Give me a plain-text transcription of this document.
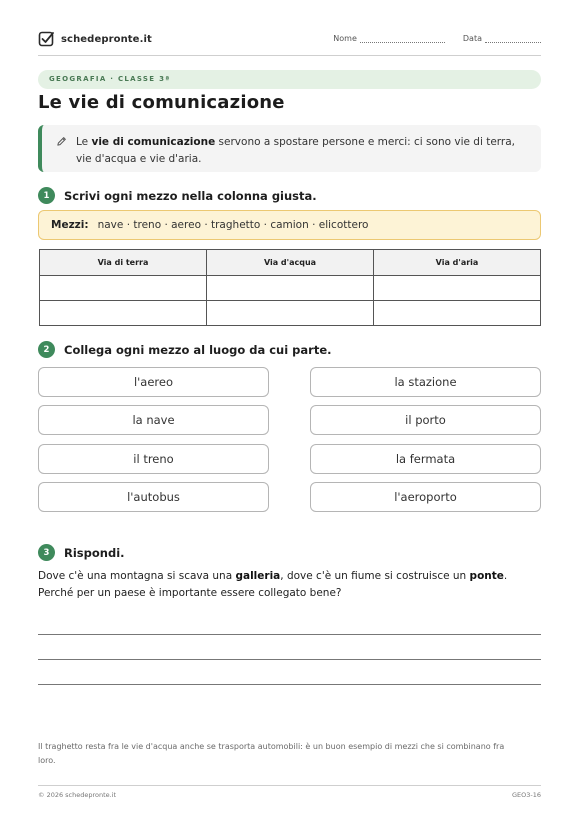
schedepronte.it	Nome	Data
GEOGRAFIA · CLASSE 3ª
Le vie di comunicazione
Le vie di comunicazione servono a spostare persone e merci: ci sono vie di terra, vie d'acqua e vie d'aria.
1	Scrivi ogni mezzo nella colonna giusta.
Mezzi: nave · treno · aereo · traghetto · camion · elicottero
Via di terra	Via d'acqua	Via d'aria

2	Collega ogni mezzo al luogo da cui parte.
l'aereo	la stazione
la nave	il porto
il treno	la fermata
l'autobus	l'aeroporto
3	Rispondi.
Dove c'è una montagna si scava una galleria, dove c'è un fiume si costruisce un ponte.
Perché per un paese è importante essere collegato bene?
Il traghetto resta fra le vie d'acqua anche se trasporta automobili: è un buon esempio di mezzi che si combinano fra loro.
© 2026 schedepronte.it	GEO3-16
